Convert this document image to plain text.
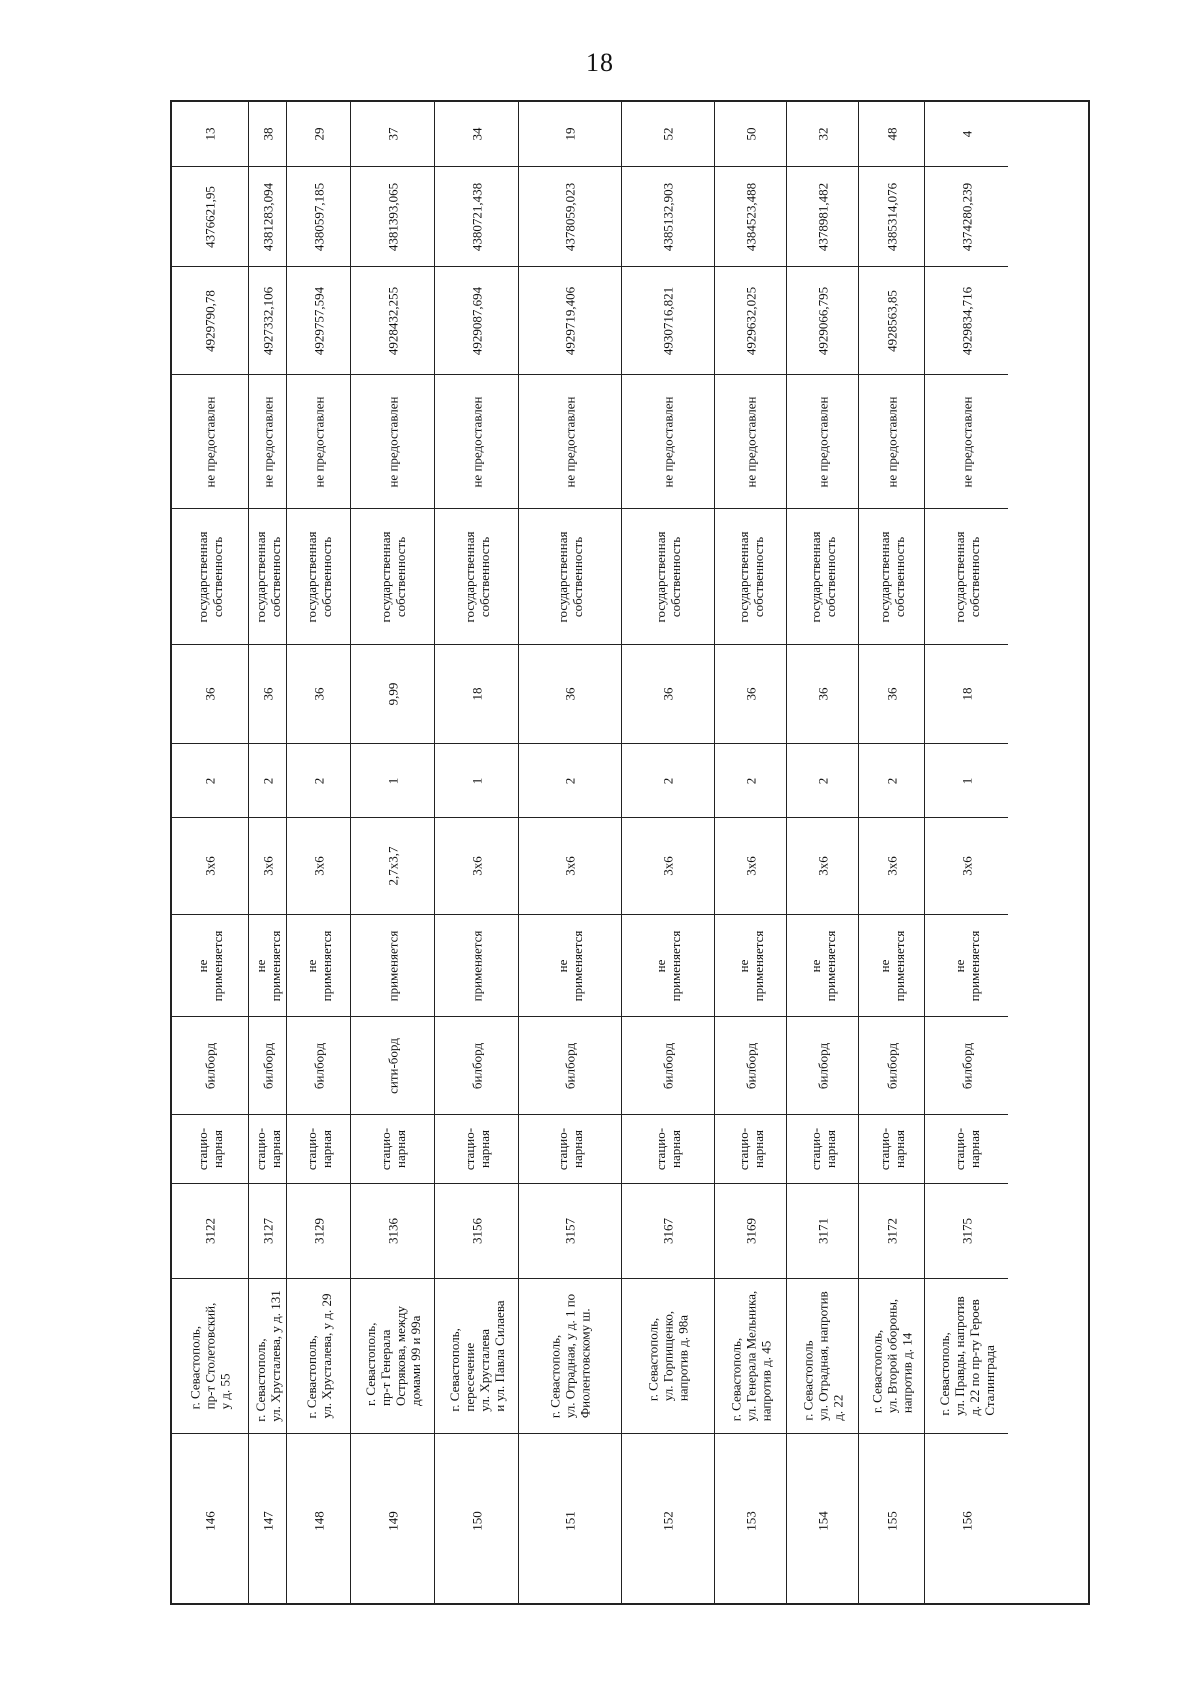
18
13
4376621,95
4929790,78
не предоставлен
государственная собственность
36
2
3x6
не применяется
билборд
стацио- нарная
3122
г. Севастополь, пр-т Столетовский, у д. 55
146
38
4381283,094
4927332,106
не предоставлен
государственная собственность
36
2
3x6
не применяется
билборд
стацио- нарная
3127
г. Севастополь, ул. Хрусталева, у д. 131
147
29
4380597,185
4929757,594
не предоставлен
государственная собственность
36
2
3x6
не применяется
билборд
стацио- нарная
3129
г. Севастополь, ул. Хрусталева, у д. 29
148
37
4381393,065
4928432,255
не предоставлен
государственная собственность
9,99
1
2,7x3,7
применяется
сити-борд
стацио- нарная
3136
г. Севастополь, пр-т Генерала Острякова, между домами 99 и 99а
149
34
4380721,438
4929087,694
не предоставлен
государственная собственность
18
1
3x6
применяется
билборд
стацио- нарная
3156
г. Севастополь, пересечение ул. Хрусталева и ул. Павла Силаева
150
19
4378059,023
4929719,406
не предоставлен
государственная собственность
36
2
3x6
не применяется
билборд
стацио- нарная
3157
г. Севастополь, ул. Отрадная, у д. 1 по Фиолентовскому ш.
151
52
4385132,903
4930716,821
не предоставлен
государственная собственность
36
2
3x6
не применяется
билборд
стацио- нарная
3167
г. Севастополь, ул. Горпищенко, напротив д. 98а
152
50
4384523,488
4929632,025
не предоставлен
государственная собственность
36
2
3x6
не применяется
билборд
стацио- нарная
3169
г. Севастополь, ул. Генерала Мельника, напротив д. 45
153
32
4378981,482
4929066,795
не предоставлен
государственная собственность
36
2
3x6
не применяется
билборд
стацио- нарная
3171
г. Севастополь ул. Отрадная, напротив д. 22
154
48
4385314,076
4928563,85
не предоставлен
государственная собственность
36
2
3x6
не применяется
билборд
стацио- нарная
3172
г. Севастополь, ул. Второй обороны, напротив д. 14
155
4
4374280,239
4929834,716
не предоставлен
государственная собственность
18
1
3x6
не применяется
билборд
стацио- нарная
3175
г. Севастополь, ул. Правды, напротив д. 22 по пр-ту Героев Сталинграда
156
